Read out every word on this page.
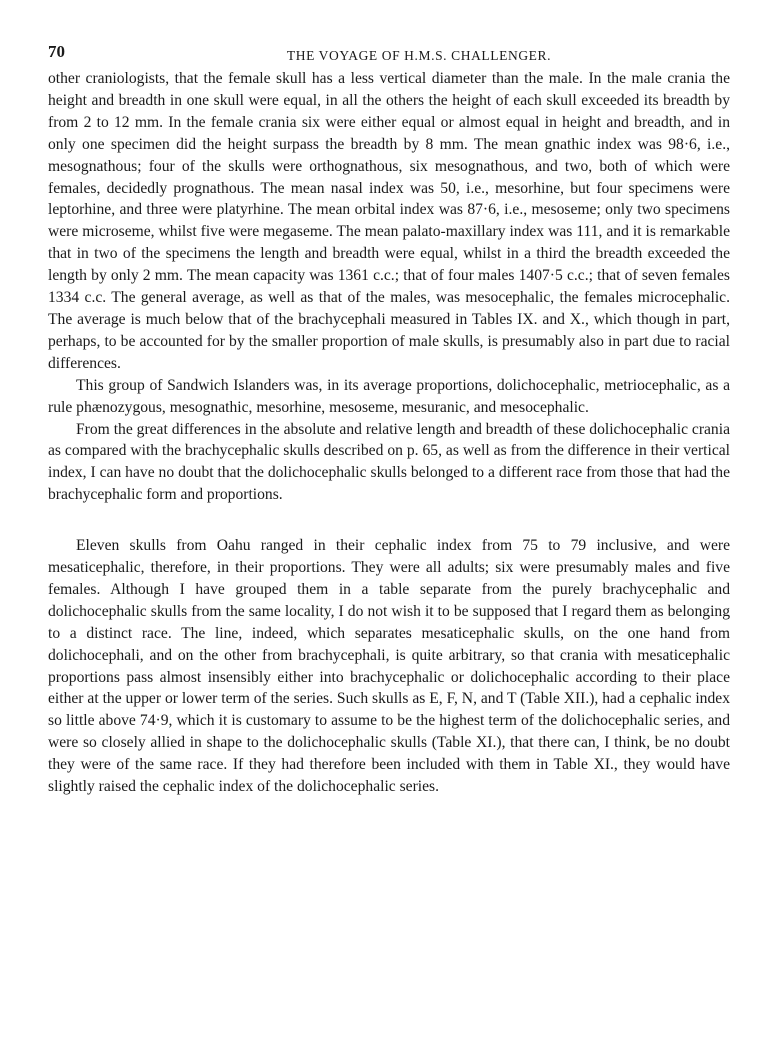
70	THE VOYAGE OF H.M.S. CHALLENGER.

other craniologists, that the female skull has a less vertical diameter than the male. In the male crania the height and breadth in one skull were equal, in all the others the height of each skull exceeded its breadth by from 2 to 12 mm. In the female crania six were either equal or almost equal in height and breadth, and in only one specimen did the height surpass the breadth by 8 mm. The mean gnathic index was 98·6, i.e., mesognathous; four of the skulls were orthognathous, six mesognathous, and two, both of which were females, decidedly prognathous. The mean nasal index was 50, i.e., mesorhine, but four specimens were leptorhine, and three were platyrhine. The mean orbital index was 87·6, i.e., mesoseme; only two specimens were microseme, whilst five were megaseme. The mean palato-maxillary index was 111, and it is remarkable that in two of the specimens the length and breadth were equal, whilst in a third the breadth exceeded the length by only 2 mm. The mean capacity was 1361 c.c.; that of four males 1407·5 c.c.; that of seven females 1334 c.c. The general average, as well as that of the males, was mesocephalic, the females microcephalic. The average is much below that of the brachycephali measured in Tables IX. and X., which though in part, perhaps, to be accounted for by the smaller proportion of male skulls, is presumably also in part due to racial differences.

This group of Sandwich Islanders was, in its average proportions, dolichocephalic, metriocephalic, as a rule phænozygous, mesognathic, mesorhine, mesoseme, mesuranic, and mesocephalic.

From the great differences in the absolute and relative length and breadth of these dolichocephalic crania as compared with the brachycephalic skulls described on p. 65, as well as from the difference in their vertical index, I can have no doubt that the dolichocephalic skulls belonged to a different race from those that had the brachycephalic form and proportions.

Eleven skulls from Oahu ranged in their cephalic index from 75 to 79 inclusive, and were mesaticephalic, therefore, in their proportions. They were all adults; six were presumably males and five females. Although I have grouped them in a table separate from the purely brachycephalic and dolichocephalic skulls from the same locality, I do not wish it to be supposed that I regard them as belonging to a distinct race. The line, indeed, which separates mesaticephalic skulls, on the one hand from dolichocephali, and on the other from brachycephali, is quite arbitrary, so that crania with mesaticephalic proportions pass almost insensibly either into brachycephalic or dolichocephalic according to their place either at the upper or lower term of the series. Such skulls as E, F, N, and T (Table XII.), had a cephalic index so little above 74·9, which it is customary to assume to be the highest term of the dolichocephalic series, and were so closely allied in shape to the dolichocephalic skulls (Table XI.), that there can, I think, be no doubt they were of the same race. If they had therefore been included with them in Table XI., they would have slightly raised the cephalic index of the dolichocephalic series.
